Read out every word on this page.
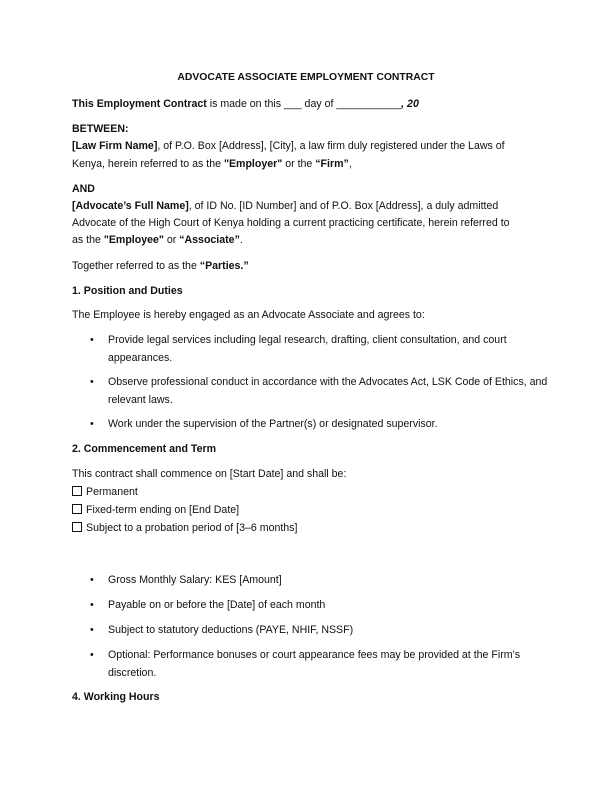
ADVOCATE ASSOCIATE EMPLOYMENT CONTRACT

This Employment Contract is made on this ___ day of ___________, 20

BETWEEN:

[Law Firm Name], of P.O. Box [Address], [City], a law firm duly registered under the Laws of

Kenya, herein referred to as the "Employer" or the “Firm”,

AND

[Advocate’s Full Name], of ID No. [ID Number] and of P.O. Box [Address], a duly admitted

Advocate of the High Court of Kenya holding a current practicing certificate, herein referred to

as the "Employee" or “Associate”.

Together referred to as the “Parties.”

1. Position and Duties

The Employee is hereby engaged as an Advocate Associate and agrees to:

• Provide legal services including legal research, drafting, client consultation, and court appearances.
• Observe professional conduct in accordance with the Advocates Act, LSK Code of Ethics, and relevant laws.
• Work under the supervision of the Partner(s) or designated supervisor.

2. Commencement and Term

This contract shall commence on [Start Date] and shall be:

Permanent
Fixed-term ending on [End Date]
Subject to a probation period of [3–6 months]
• Gross Monthly Salary: KES [Amount]
• Payable on or before the [Date] of each month
• Subject to statutory deductions (PAYE, NHIF, NSSF)
• Optional: Performance bonuses or court appearance fees may be provided at the Firm’s discretion.

4. Working Hours
